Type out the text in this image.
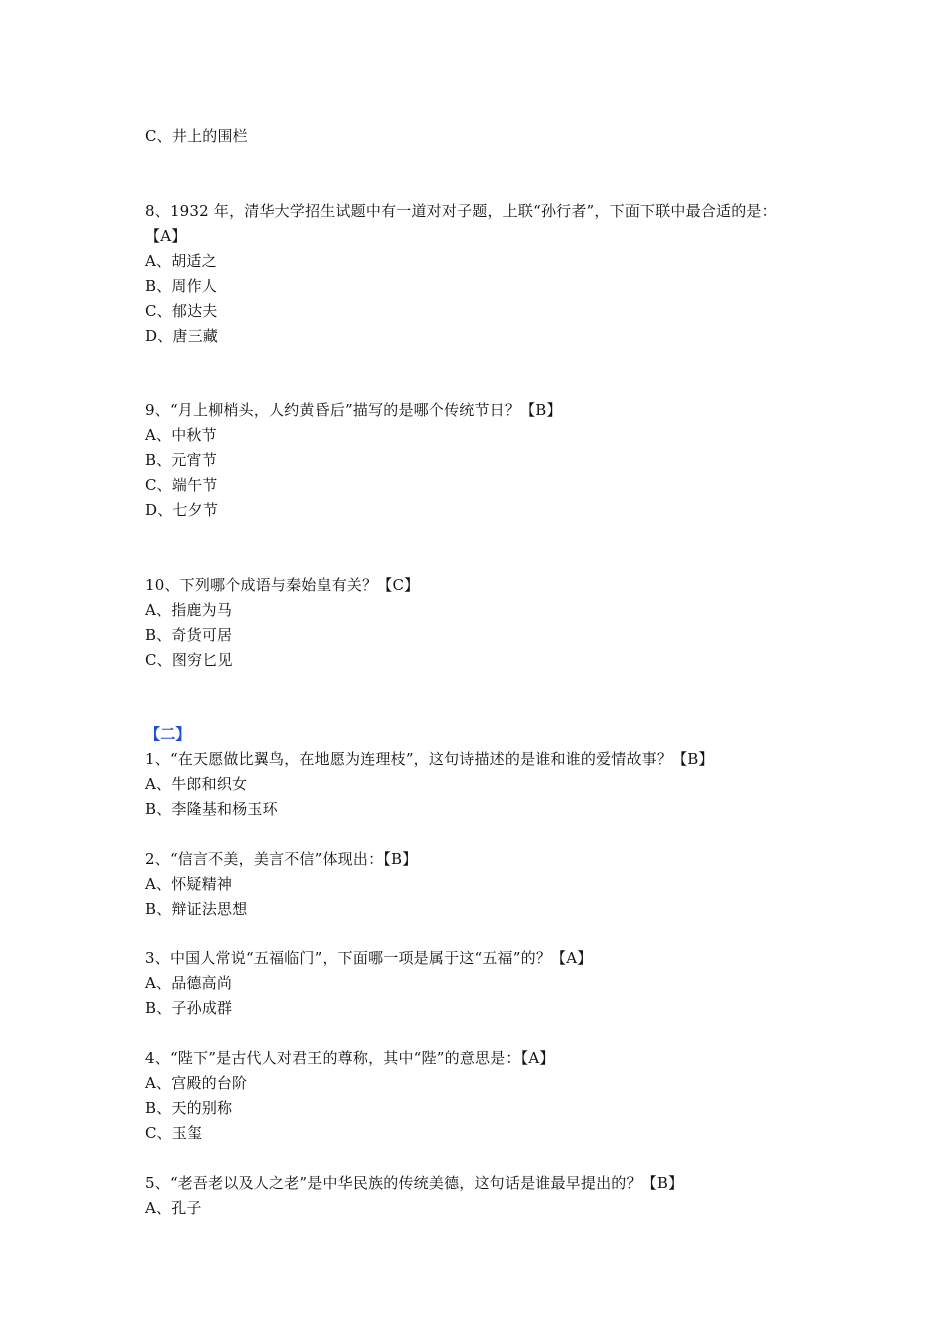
C、井上的围栏
8、1932 年，清华大学招生试题中有一道对对子题，上联“孙行者”，下面下联中最合适的是：
【A】
A、胡适之
B、周作人
C、郁达夫
D、唐三藏
9、“月上柳梢头，人约黄昏后”描写的是哪个传统节日？【B】
A、中秋节
B、元宵节
C、端午节
D、七夕节
10、下列哪个成语与秦始皇有关？【C】
A、指鹿为马
B、奇货可居
C、图穷匕见
【二】
1、“在天愿做比翼鸟，在地愿为连理枝”，这句诗描述的是谁和谁的爱情故事？【B】
A、牛郎和织女
B、李隆基和杨玉环
2、“信言不美，美言不信”体现出：【B】
A、怀疑精神
B、辩证法思想
3、中国人常说“五福临门”，下面哪一项是属于这“五福”的？【A】
A、品德高尚
B、子孙成群
4、“陛下”是古代人对君王的尊称，其中“陛”的意思是：【A】
A、宫殿的台阶
B、天的别称
C、玉玺
5、“老吾老以及人之老”是中华民族的传统美德，这句话是谁最早提出的？【B】
A、孔子
